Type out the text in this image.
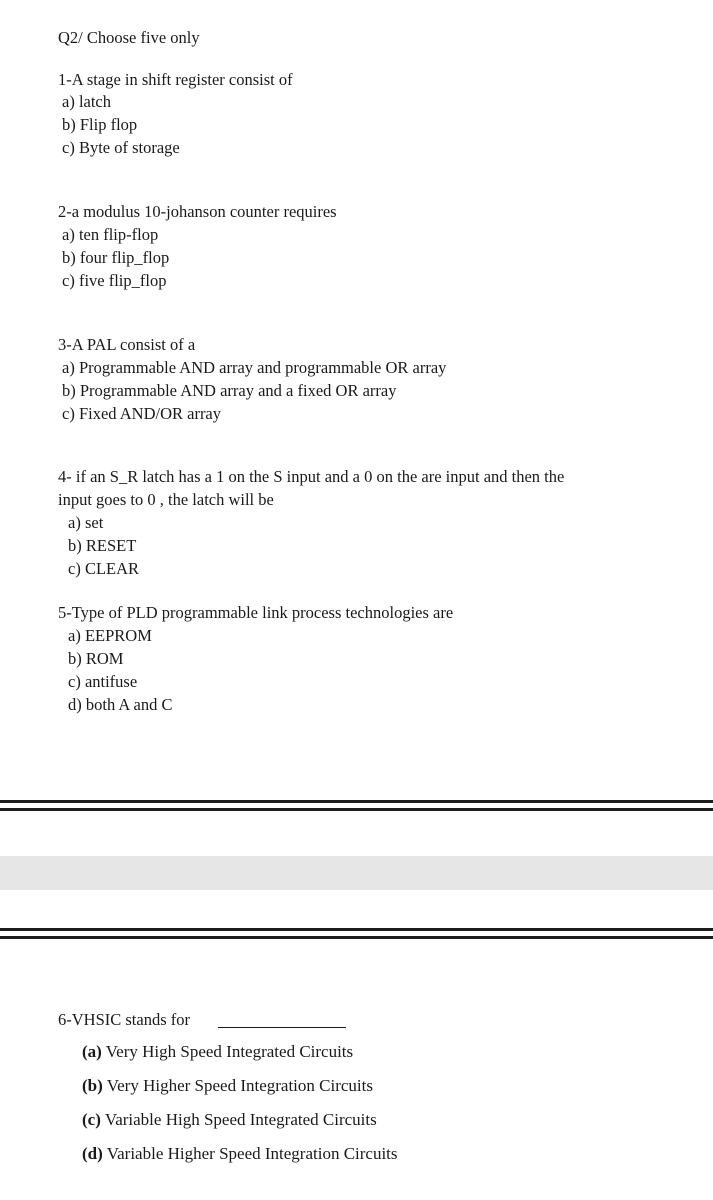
Q2/ Choose five only
1-A stage in shift register consist of
a) latch
b) Flip flop
c) Byte of storage
2-a modulus 10-johanson counter requires
a) ten flip-flop
b) four flip_flop
c) five flip_flop
3-A PAL consist of a
a) Programmable AND array and programmable OR array
b) Programmable AND array and a fixed OR array
c) Fixed AND/OR array
4- if an S_R latch has a 1 on the S input and a 0 on the are input and then the
input goes to 0 , the latch will be
a) set
b) RESET
c) CLEAR
5-Type of PLD programmable link process technologies are
a) EEPROM
b) ROM
c) antifuse
d) both A and C
6-VHSIC stands for
(a) Very High Speed Integrated Circuits
(b) Very Higher Speed Integration Circuits
(c) Variable High Speed Integrated Circuits
(d) Variable Higher Speed Integration Circuits
